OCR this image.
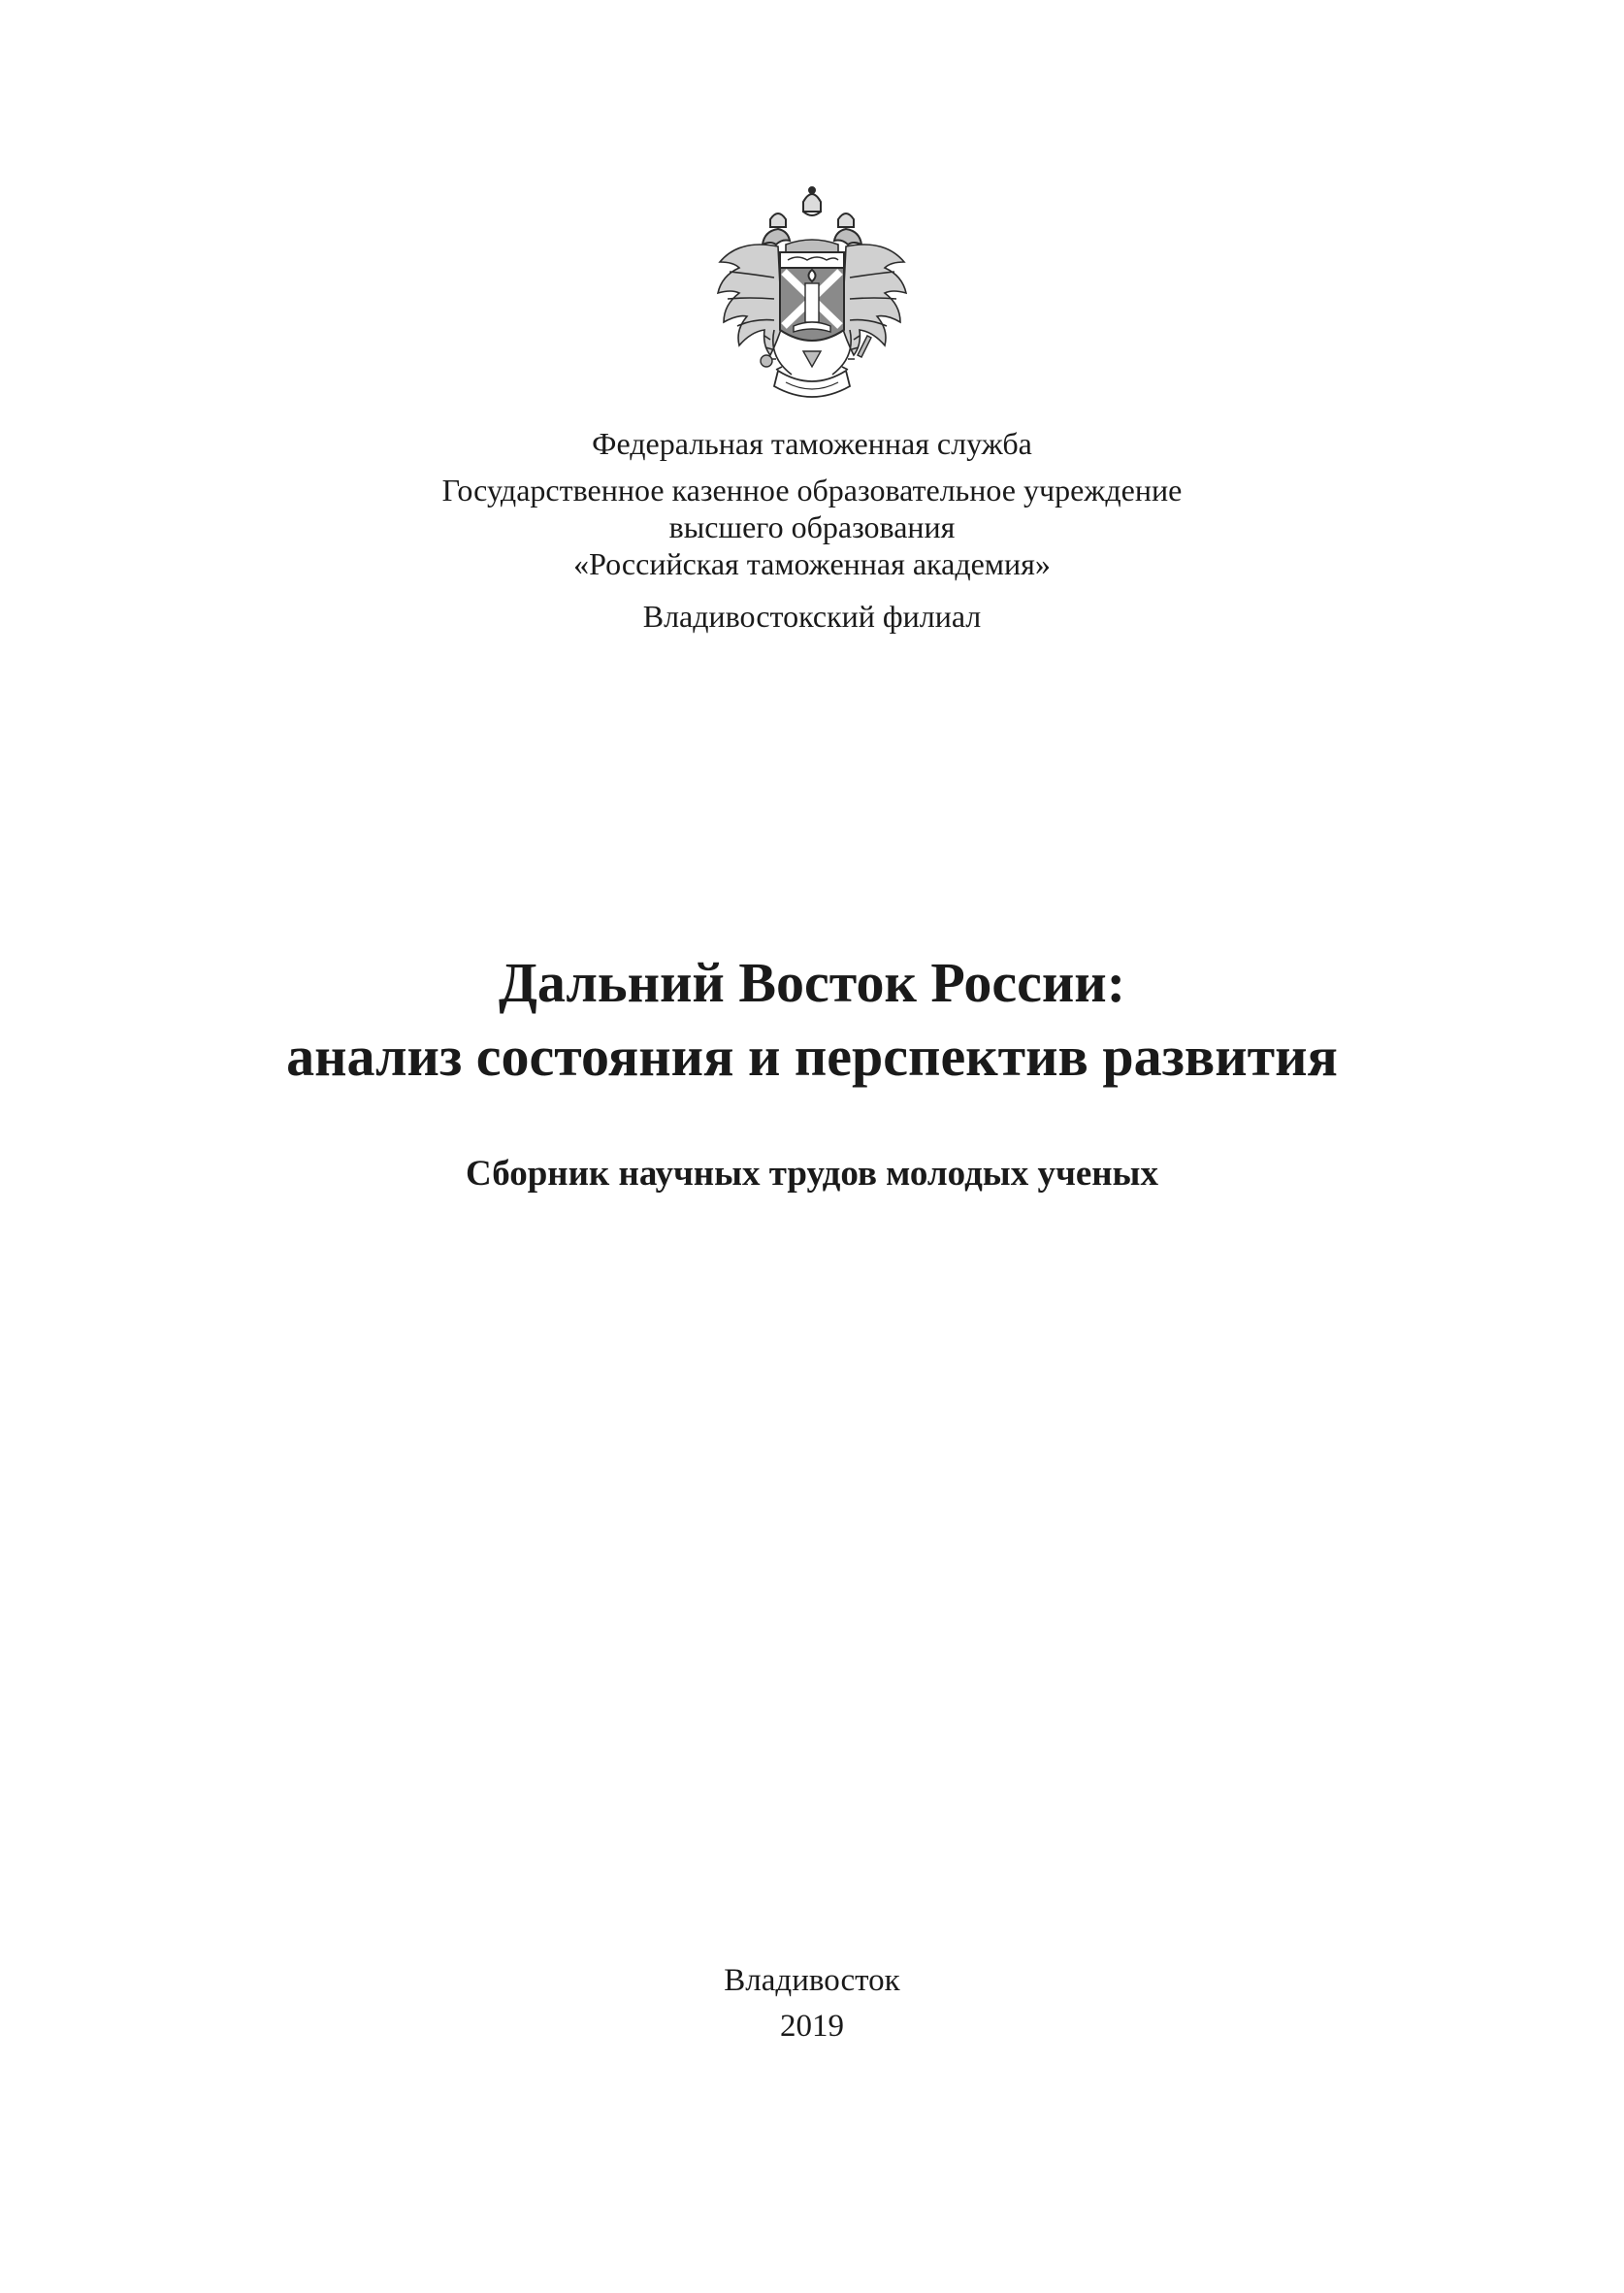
Федеральная таможенная служба
Государственное казенное образовательное учреждение
высшего образования
«Российская таможенная академия»
Владивостокский филиал
Дальний Восток России:
анализ состояния и перспектив развития
Сборник научных трудов молодых ученых
Владивосток
2019
